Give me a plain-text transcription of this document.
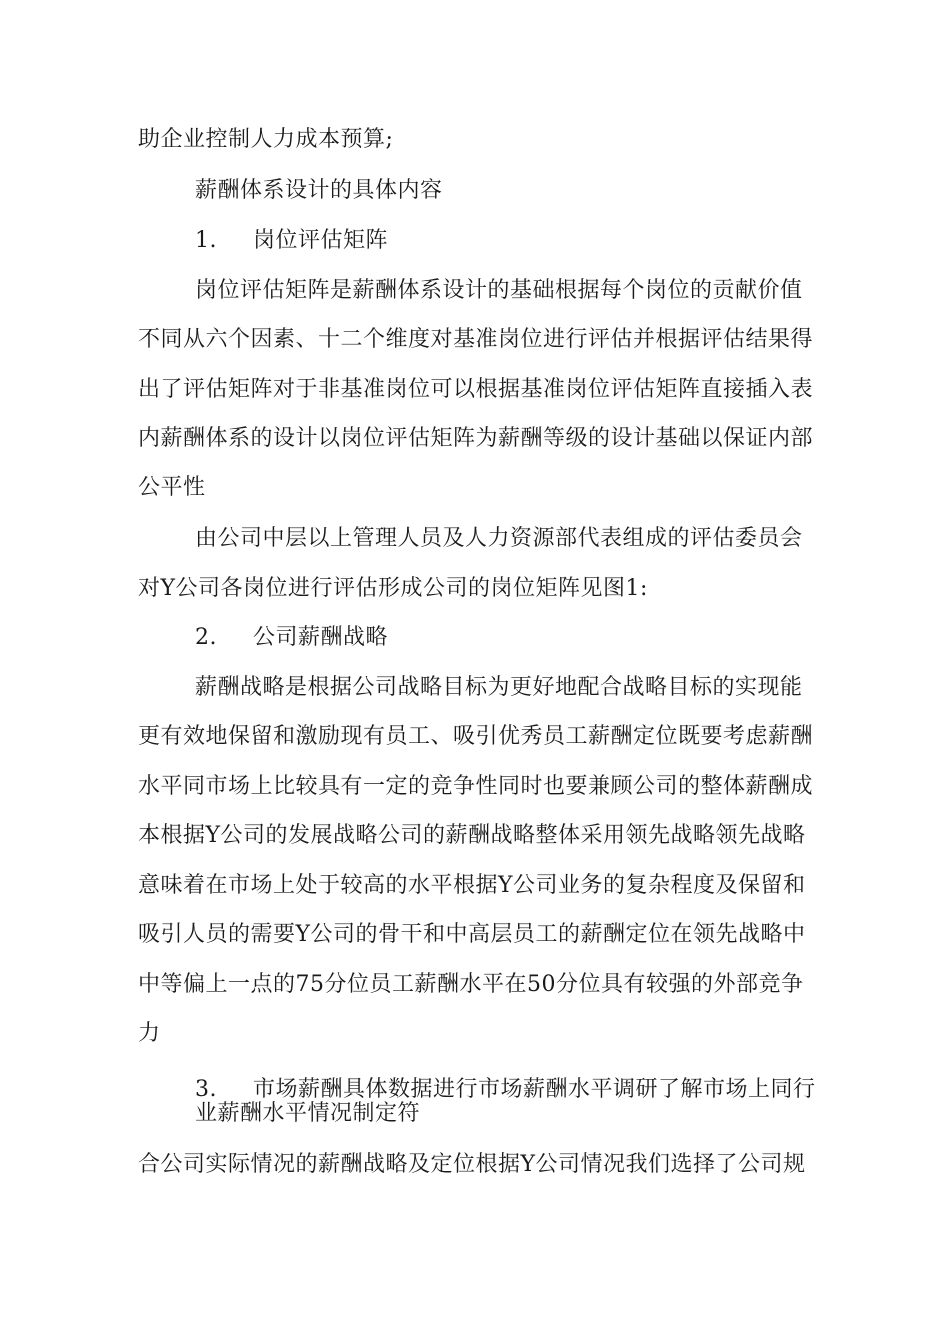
助企业控制人力成本预算;
薪酬体系设计的具体内容
1. 岗位评估矩阵
岗位评估矩阵是薪酬体系设计的基础根据每个岗位的贡献价值
不同从六个因素、十二个维度对基准岗位进行评估并根据评估结果得
出了评估矩阵对于非基准岗位可以根据基准岗位评估矩阵直接插入表
内薪酬体系的设计以岗位评估矩阵为薪酬等级的设计基础以保证内部
公平性
由公司中层以上管理人员及人力资源部代表组成的评估委员会
对Y公司各岗位进行评估形成公司的岗位矩阵见图1:
2. 公司薪酬战略
薪酬战略是根据公司战略目标为更好地配合战略目标的实现能
更有效地保留和激励现有员工、吸引优秀员工薪酬定位既要考虑薪酬
水平同市场上比较具有一定的竞争性同时也要兼顾公司的整体薪酬成
本根据Y公司的发展战略公司的薪酬战略整体采用领先战略领先战略
意味着在市场上处于较高的水平根据Y公司业务的复杂程度及保留和
吸引人员的需要Y公司的骨干和中高层员工的薪酬定位在领先战略中
中等偏上一点的75分位员工薪酬水平在50分位具有较强的外部竞争
力
3. 市场薪酬具体数据进行市场薪酬水平调研了解市场上同行
业薪酬水平情况制定符
合公司实际情况的薪酬战略及定位根据Y公司情况我们选择了公司规
